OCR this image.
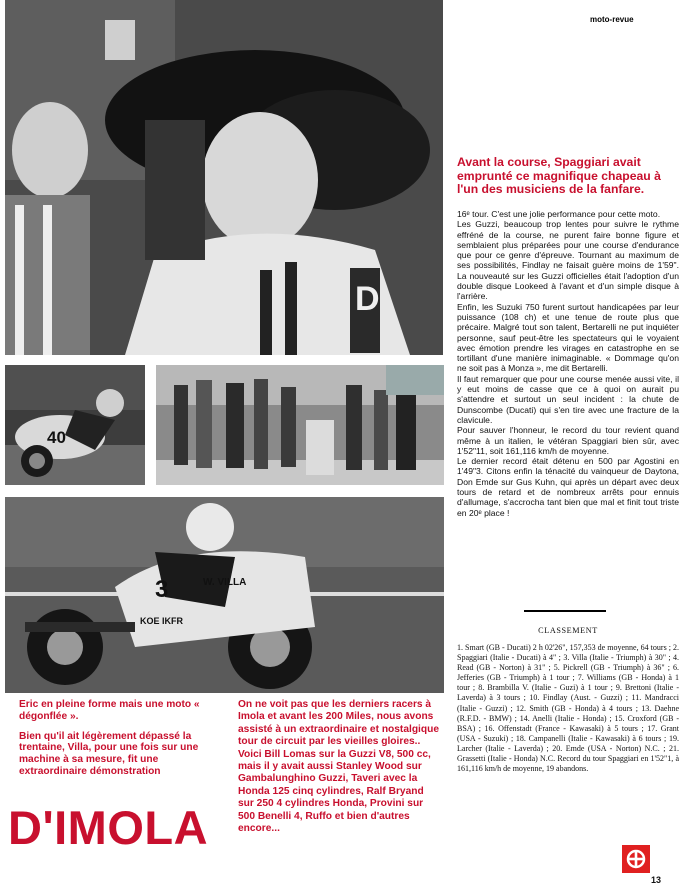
moto-revue
D
40
3	W. VILLA
KOE IKFR
Avant la course, Spaggiari avait emprunté ce magnifique chapeau à l'un des musiciens de la fanfare.

16ᵉ tour. C'est une jolie performance pour cette moto.

Les Guzzi, beaucoup trop lentes pour suivre le rythme effréné de la course, ne purent faire bonne figure et semblaient plus préparées pour une course d'endurance que pour ce genre d'épreuve. Tournant au maximum de ses possibilités, Findlay ne faisait guère moins de 1'59". La nouveauté sur les Guzzi officielles était l'adoption d'un double disque Lookeed à l'avant et d'un simple disque à l'arrière.

Enfin, les Suzuki 750 furent surtout handicapées par leur puissance (108 ch) et une tenue de route plus que précaire. Malgré tout son talent, Bertarelli ne put inquiéter personne, sauf peut-être les spectateurs qui le voyaient avec émotion prendre les virages en catastrophe en se tortillant d'une manière inimaginable. « Dommage qu'on ne soit pas à Monza », me dit Bertarelli.

Il faut remarquer que pour une course menée aussi vite, il y eut moins de casse que ce à quoi on aurait pu s'attendre et surtout un seul incident : la chute de Dunscombe (Ducati) qui s'en tire avec une fracture de la clavicule.

Pour sauver l'honneur, le record du tour revient quand même à un italien, le vétéran Spaggiari bien sûr, avec 1'52"11, soit 161,116 km/h de moyenne.

Le dernier record était détenu en 500 par Agostini en 1'49"3. Citons enfin la ténacité du vainqueur de Daytona, Don Emde sur Gus Kuhn, qui après un départ avec deux tours de retard et de nombreux arrêts pour ennuis d'allumage, s'accrocha tant bien que mal et finit tout triste en 20ᵉ place !

CLASSEMENT
1. Smart (GB - Ducati) 2 h 02'26", 157,353 de moyenne, 64 tours ; 2. Spaggiari (Italie - Ducati) à 4" ; 3. Villa (Italie - Triumph) à 30" ; 4. Read (GB - Norton) à 31" ; 5. Pickrell (GB - Triumph) à 36" ; 6. Jefferies (GB - Triumph) à 1 tour ; 7. Williams (GB - Honda) à 1 tour ; 8. Brambilla V. (Italie - Guzi) à 1 tour ; 9. Brettoni (Italie - Laverda) à 3 tours ; 10. Findlay (Aust. - Guzzi) ; 11. Mandracci (Italie - Guzzi) ; 12. Smith (GB - Honda) à 4 tours ; 13. Daehne (R.F.D. - BMW) ; 14. Anelli (Italie - Honda) ; 15. Croxford (GB - BSA) ; 16. Offenstadt (France - Kawasaki) à 5 tours ; 17. Grant (USA - Suzuki) ; 18. Campanelli (Italie - Kawasaki) à 6 tours ; 19. Larcher (Italie - Laverda) ; 20. Emde (USA - Norton) N.C. ; 21. Grassetti (Italie - Honda) N.C. Record du tour Spaggiari en 1'52"1, à 161,116 km/h de moyenne, 19 abandons.

Eric en pleine forme mais une moto « dégonflée ».

Bien qu'il ait légèrement dépassé la trentaine, Villa, pour une fois sur une machine à sa mesure, fit une extraordinaire démonstration

On ne voit pas que les derniers racers à Imola et avant les 200 Miles, nous avons assisté à un extraordinaire et nostalgique tour de circuit par les vieilles gloires.. Voici Bill Lomas sur la Guzzi V8, 500 cc, mais il y avait aussi Stanley Wood sur Gambalunghino Guzzi, Taveri avec la Honda 125 cinq cylindres, Ralf Bryand sur 250 4 cylindres Honda, Provini sur 500 Benelli 4, Ruffo et bien d'autres encore...
D'IMOLA
13
